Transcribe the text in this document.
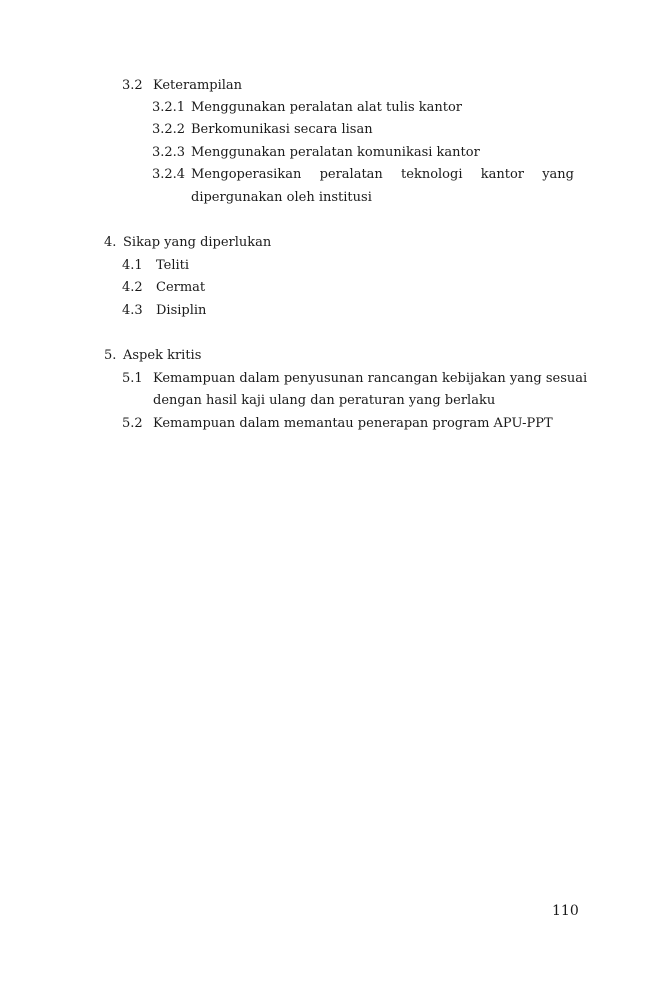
3.2 Keterampilan
3.2.1 Menggunakan peralatan alat tulis kantor
3.2.2 Berkomunikasi secara lisan
3.2.3 Menggunakan peralatan komunikasi kantor
3.2.4 Mengoperasikan peralatan teknologi kantor yang
dipergunakan oleh institusi
4. Sikap yang diperlukan
4.1 Teliti
4.2 Cermat
4.3 Disiplin
5. Aspek kritis
5.1 Kemampuan dalam penyusunan rancangan kebijakan yang sesuai
dengan hasil kaji ulang dan peraturan yang berlaku
5.2 Kemampuan dalam memantau penerapan program APU-PPT
110
